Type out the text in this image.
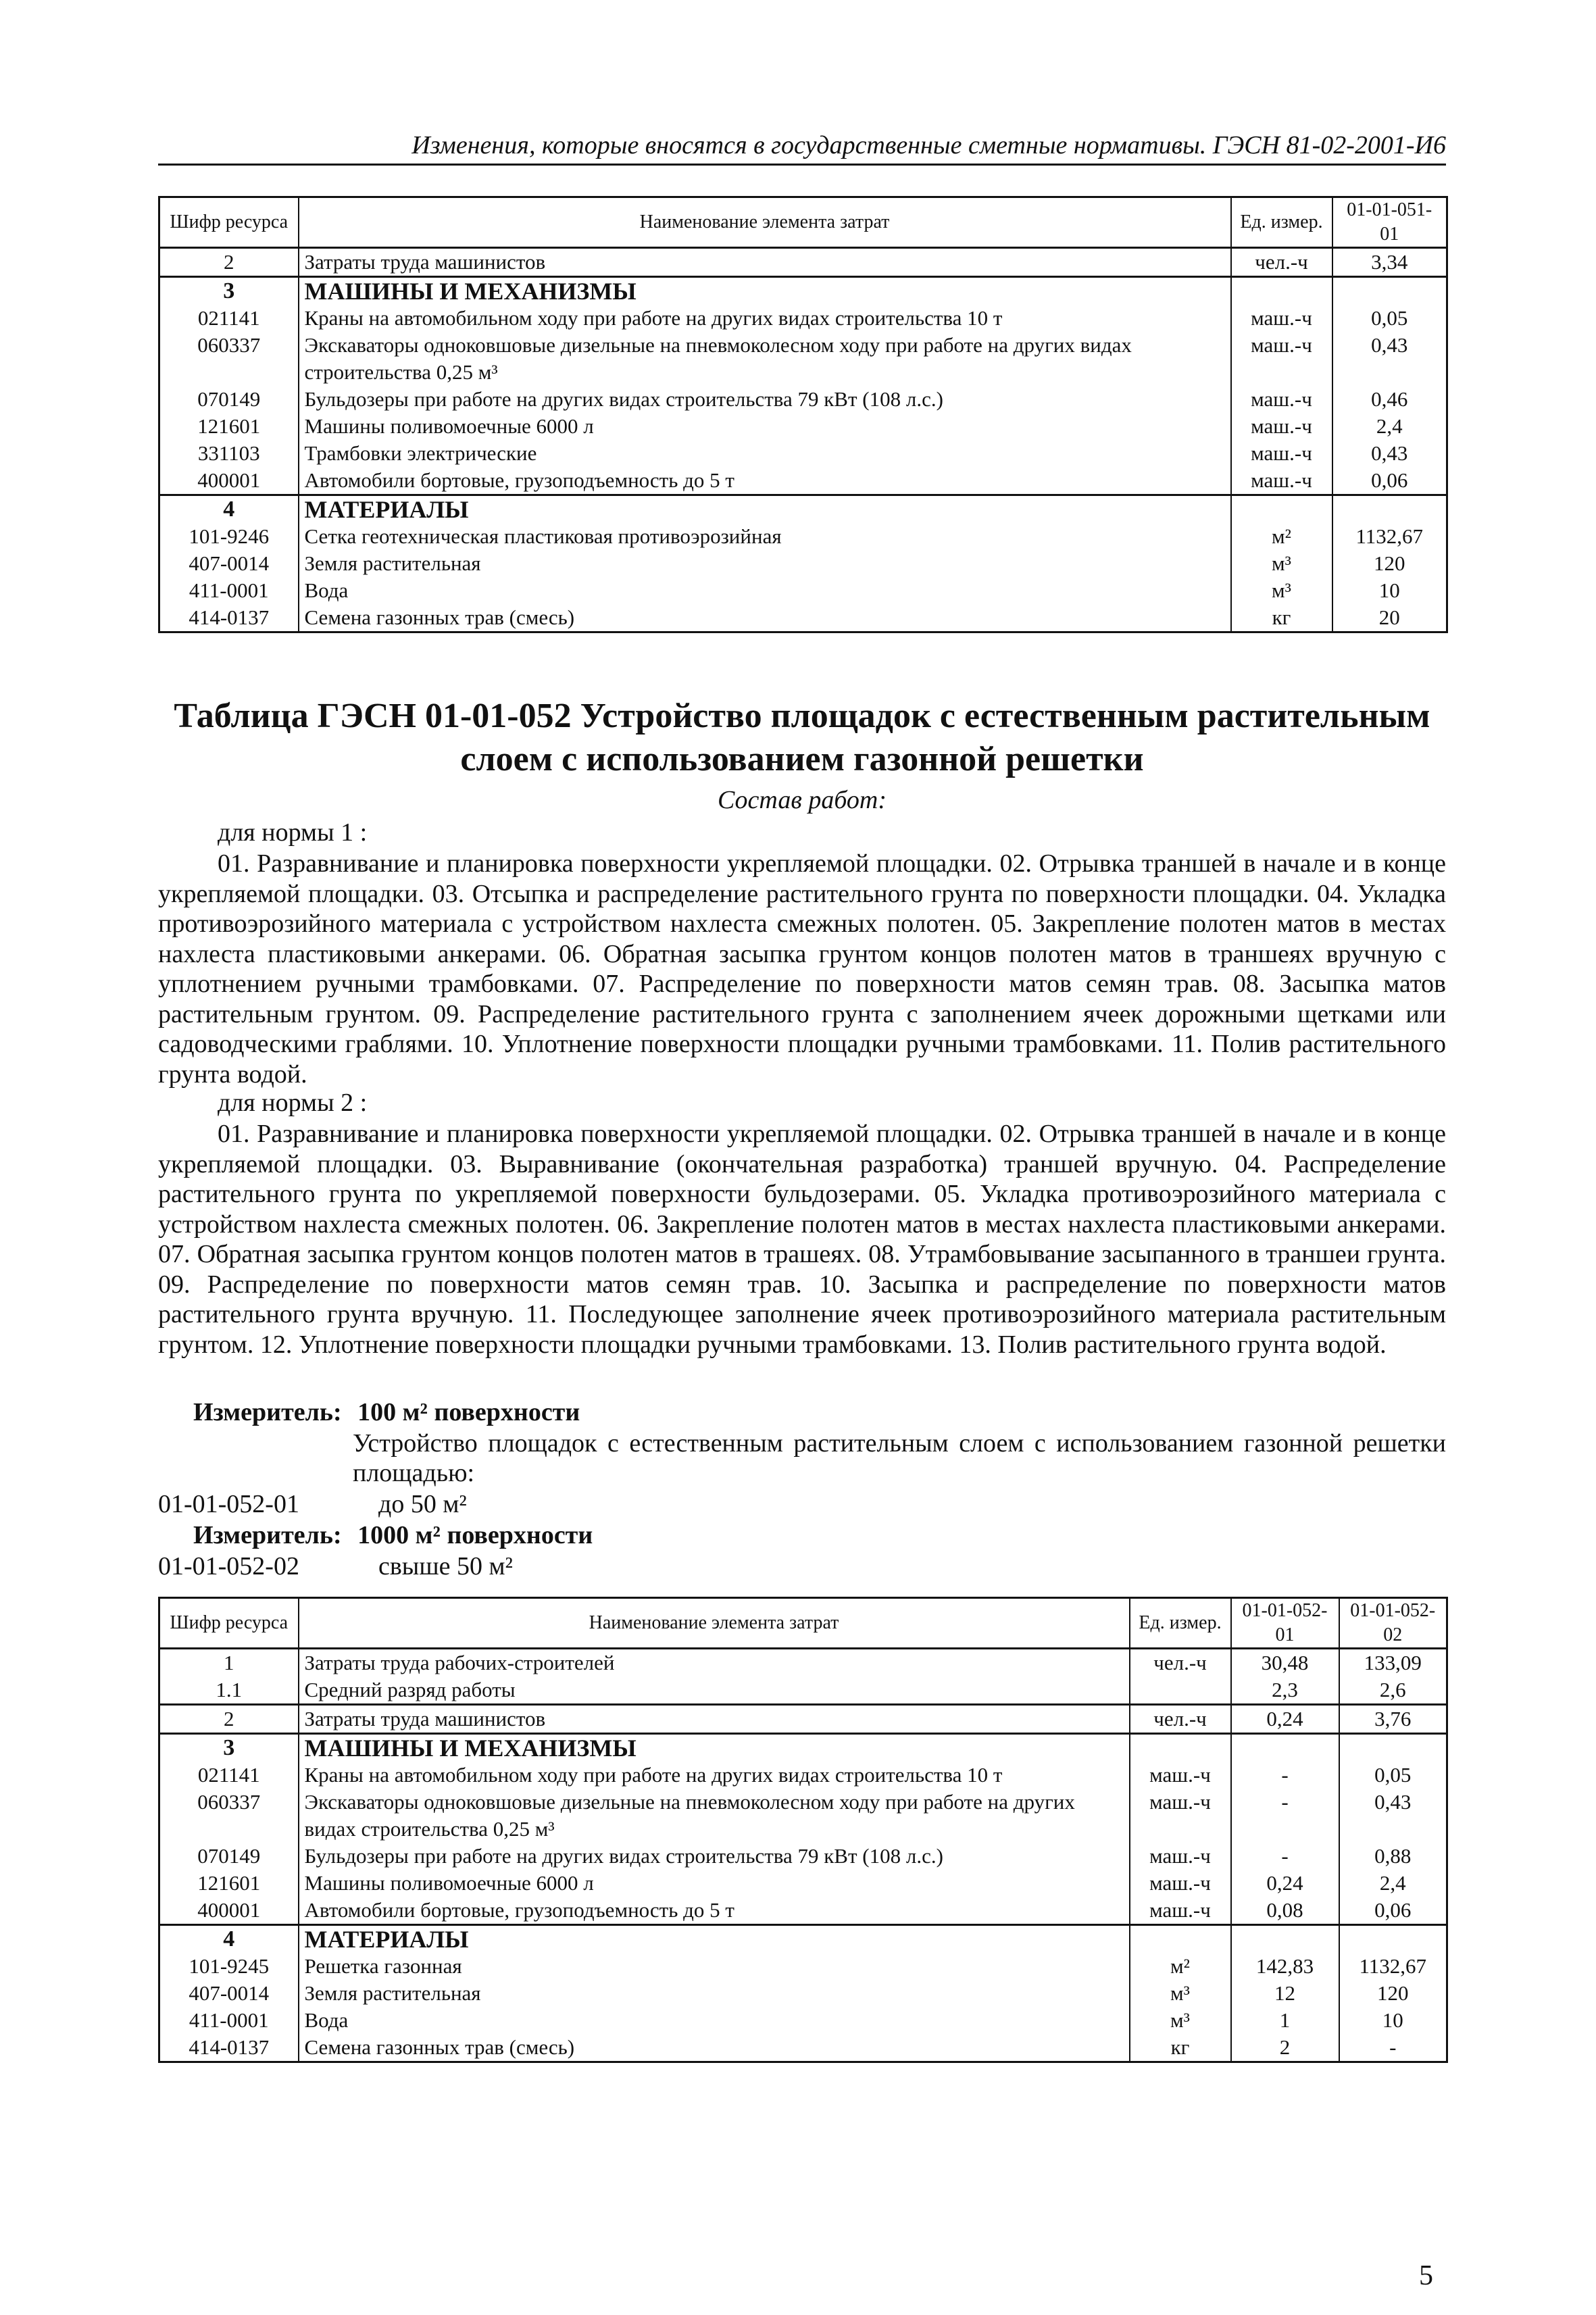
Изменения, которые вносятся в государственные сметные нормативы. ГЭСН 81-02-2001-И6
Шифр ресурса	Наименование элемента затрат	Ед. измер.	01-01-051-01
2	Затраты труда машинистов	чел.-ч	3,34
3	МАШИНЫ И МЕХАНИЗМЫ		
021141	Краны на автомобильном ходу при работе на других видах строительства 10 т	маш.-ч	0,05
060337	Экскаваторы одноковшовые дизельные на пневмоколесном ходу при работе на других видах строительства 0,25 м³	маш.-ч	0,43
070149	Бульдозеры при работе на других видах строительства 79 кВт (108 л.с.)	маш.-ч	0,46
121601	Машины поливомоечные 6000 л	маш.-ч	2,4
331103	Трамбовки электрические	маш.-ч	0,43
400001	Автомобили бортовые, грузоподъемность до 5 т	маш.-ч	0,06
4	МАТЕРИАЛЫ		
101-9246	Сетка геотехническая пластиковая противоэрозийная	м²	1132,67
407-0014	Земля растительная	м³	120
411-0001	Вода	м³	10
414-0137	Семена газонных трав (смесь)	кг	20
Таблица ГЭСН 01-01-052 Устройство площадок с естественным растительным слоем с использованием газонной решетки
Состав работ:
для нормы 1 :
01. Разравнивание и планировка поверхности укрепляемой площадки. 02. Отрывка траншей в начале и в конце укрепляемой площадки. 03. Отсыпка и распределение растительного грунта по поверхности площадки. 04. Укладка противоэрозийного материала с устройством нахлеста смежных полотен. 05. Закрепление полотен матов в местах нахлеста пластиковыми анкерами. 06. Обратная засыпка грунтом концов полотен матов в траншеях вручную с уплотнением ручными трамбовками. 07. Распределение по поверхности матов семян трав. 08. Засыпка матов растительным грунтом. 09. Распределение растительного грунта с заполнением ячеек дорожными щетками или садоводческими граблями. 10. Уплотнение поверхности площадки ручными трамбовками. 11. Полив растительного грунта водой.
для нормы 2 :
01. Разравнивание и планировка поверхности укрепляемой площадки. 02. Отрывка траншей в начале и в конце укрепляемой площадки. 03. Выравнивание (окончательная разработка) траншей вручную. 04. Распределение растительного грунта по укрепляемой поверхности бульдозерами. 05. Укладка противоэрозийного материала с устройством нахлеста смежных полотен. 06. Закрепление полотен матов в местах нахлеста пластиковыми анкерами. 07. Обратная засыпка грунтом концов полотен матов в трашеях. 08. Утрамбовывание засыпанного в траншеи грунта. 09. Распределение по поверхности матов семян трав. 10. Засыпка и распределение по поверхности матов растительного грунта вручную. 11. Последующее заполнение ячеек противоэрозийного материала растительным грунтом. 12. Уплотнение поверхности площадки ручными трамбовками. 13. Полив растительного грунта водой.
Измеритель: 100 м² поверхности
Устройство площадок с естественным растительным слоем с использованием газонной решетки площадью:
01-01-052-01	до 50 м²
Измеритель: 1000 м² поверхности
01-01-052-02	свыше 50 м²
Шифр ресурса	Наименование элемента затрат	Ед. измер.	01-01-052-01	01-01-052-02
1	Затраты труда рабочих-строителей	чел.-ч	30,48	133,09
1.1	Средний разряд работы		2,3	2,6
2	Затраты труда машинистов	чел.-ч	0,24	3,76
3	МАШИНЫ И МЕХАНИЗМЫ			
021141	Краны на автомобильном ходу при работе на других видах строительства 10 т	маш.-ч	-	0,05
060337	Экскаваторы одноковшовые дизельные на пневмоколесном ходу при работе на других видах строительства 0,25 м³	маш.-ч	-	0,43
070149	Бульдозеры при работе на других видах строительства 79 кВт (108 л.с.)	маш.-ч	-	0,88
121601	Машины поливомоечные 6000 л	маш.-ч	0,24	2,4
400001	Автомобили бортовые, грузоподъемность до 5 т	маш.-ч	0,08	0,06
4	МАТЕРИАЛЫ			
101-9245	Решетка газонная	м²	142,83	1132,67
407-0014	Земля растительная	м³	12	120
411-0001	Вода	м³	1	10
414-0137	Семена газонных трав (смесь)	кг	2	-
5
